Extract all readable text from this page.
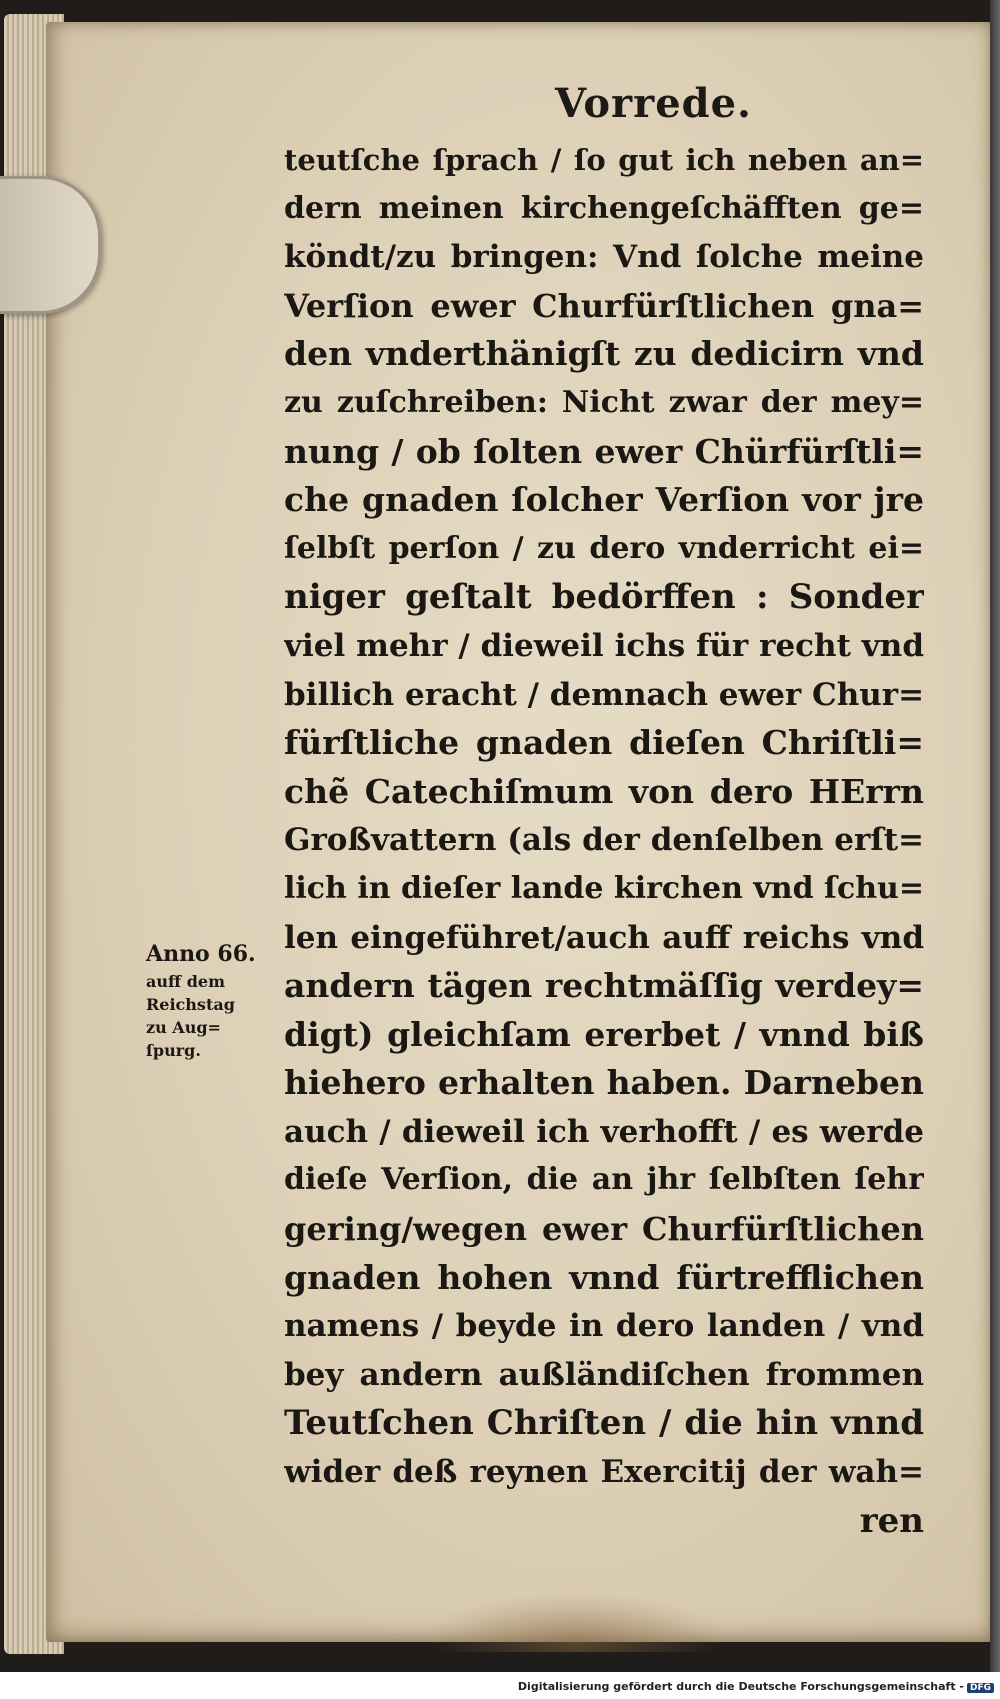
Vorrede.
teutſche ſprach / ſo gut ich neben an=
dern meinen kirchengeſchäfften ge=
köndt/zu bringen: Vnd ſolche meine
Verſion ewer Churfürſtlichen gna=
den vnderthänigſt zu dedicirn vnd
zu zuſchreiben: Nicht zwar der mey=
nung / ob ſolten ewer Chürfürſtli=
che gnaden ſolcher Verſion vor jre
ſelbſt perſon / zu dero vnderricht ei=
niger geſtalt bedörffen : Sonder
viel mehr / dieweil ichs für recht vnd
billich eracht / demnach ewer Chur=
fürſtliche gnaden dieſen Chriſtli=
chẽ Catechiſmum von dero HErrn
Großvattern (als der denſelben erſt=
lich in dieſer lande kirchen vnd ſchu=
len eingeführet/auch auff reichs vnd
andern tägen rechtmäſſig verdey=
digt) gleichſam ererbet / vnnd biß
hiehero erhalten haben. Darneben
auch / dieweil ich verhofft / es werde
dieſe Verſion, die an jhr ſelbſten ſehr
gering/wegen ewer Churfürſtlichen
gnaden hohen vnnd fürtrefflichen
namens / beyde in dero landen / vnd
bey andern außländiſchen frommen
Teutſchen Chriſten / die hin vnnd
wider deß reynen Exercitij der wah=
ren
Anno 66.
auff dem
Reichstag
zu Aug=
ſpurg.
Digitalisierung gefördert durch die Deutsche Forschungsgemeinschaft - DFG
